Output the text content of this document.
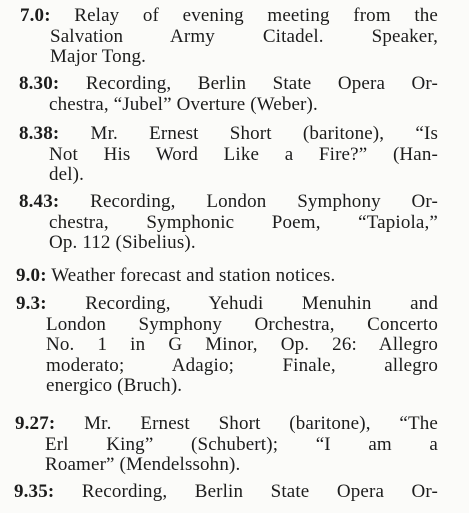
7.0: Relay of evening meeting from the
Salvation Army Citadel. Speaker,
Major Tong.
8.30: Recording, Berlin State Opera Or-
chestra, “Jubel” Overture (Weber).
8.38: Mr. Ernest Short (baritone), “Is
Not His Word Like a Fire?” (Han-
del).
8.43: Recording, London Symphony Or-
chestra, Symphonic Poem, “Tapiola,”
Op. 112 (Sibelius).
9.0: Weather forecast and station notices.
9.3: Recording, Yehudi Menuhin and
London Symphony Orchestra, Concerto
No. 1 in G Minor, Op. 26: Allegro
moderato; Adagio; Finale, allegro
energico (Bruch).
9.27: Mr. Ernest Short (baritone), “The
Erl King” (Schubert); “I am a
Roamer” (Mendelssohn).
9.35: Recording, Berlin State Opera Or-
